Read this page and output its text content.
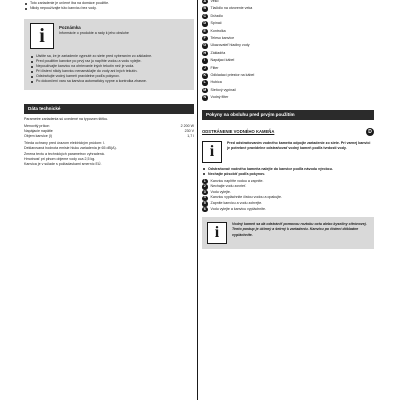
Toto zariadenie je určené iba na domáce použitie.
Nikdy nepoužívajte túto kanvicu bez vody.
i	Poznámka
Informácie o produkte a rady k jeho obsluhe
Uistite sa, že je zariadenie vypnuté zo siete pred vyberaním zo základne.
Pred použitím kanvice po prvý raz ju naplňte vodou a vodu vylejte.
Nepoužívajte kanvicu na ohrievanie iných tekutín než je voda.
Pri čistení nikdy kanvicu nenamáčajte do vody ani iných tekutín.
Odstraňujte vodný kameň pravidelne podľa pokynov.
Po dokončení varu sa kanvica automaticky vypne a kontrolka zhasne.
Dáta technické

Parametre zariadenia sú uvedené na typovom štítku.

Menovitý príkon	2 200 W
Napájacie napätie	230 V
Objem kanvice (l)	1,7 l

Trieda ochrany pred úrazom elektrickým prúdom: I.

Deklarovaná hodnota emisie hluku zariadenia je 65 dB(A).

Zmena textu a technických parametrov vyhradená.

Hmotnosť pri plnom objeme vody cca 2,5 kg.

Kanvica je v súlade s požiadavkami smerníc EÚ.

A	Veko
B	Tlačidlo na otvorenie veka
C	Držadlo
D	Spínač
E	Kontrolka
F	Teleso kanvice
G	Ukazovateľ hladiny vody
H	Základňa
I	Napájací kábel
J	Filter
K	Odkladací priestor na kábel
L	Hubica
M	Sieťový vypínač
N	Vodný filter
Pokyny na obsluhu pred prvým použitím
ODSTRÁNENIE VODNÉHO KAMEŇA	D
i	Pred odstraňovaním vodného kameňa odpojte zariadenie zo siete. Pri varnej kanvici je potrebné pravidelne odstraňovať vodný kameň podľa tvrdosti vody.

Odstraňovač vodného kameňa nalejte do kanvice podľa návodu výrobcu.
Nechajte pôsobiť podľa pokynov.
1	Kanvicu naplňte vodou a zapnite.
2	Nechajte vodu zovrieť.
3	Vodu vylejte.
4	Kanvicu vypláchnite čistou vodou a opakujte.
5	Zapnite kanvicu a vodu zohrejte.
6	Vodu vylejte a kanvicu vypláchnite.
i	Vodný kameň sa dá odstrániť pomocou roztoku octu alebo kyseliny citrónovej. Tento postup je účinný a šetrný k zariadeniu. Kanvicu po čistení dôkladne vypláchnite.
